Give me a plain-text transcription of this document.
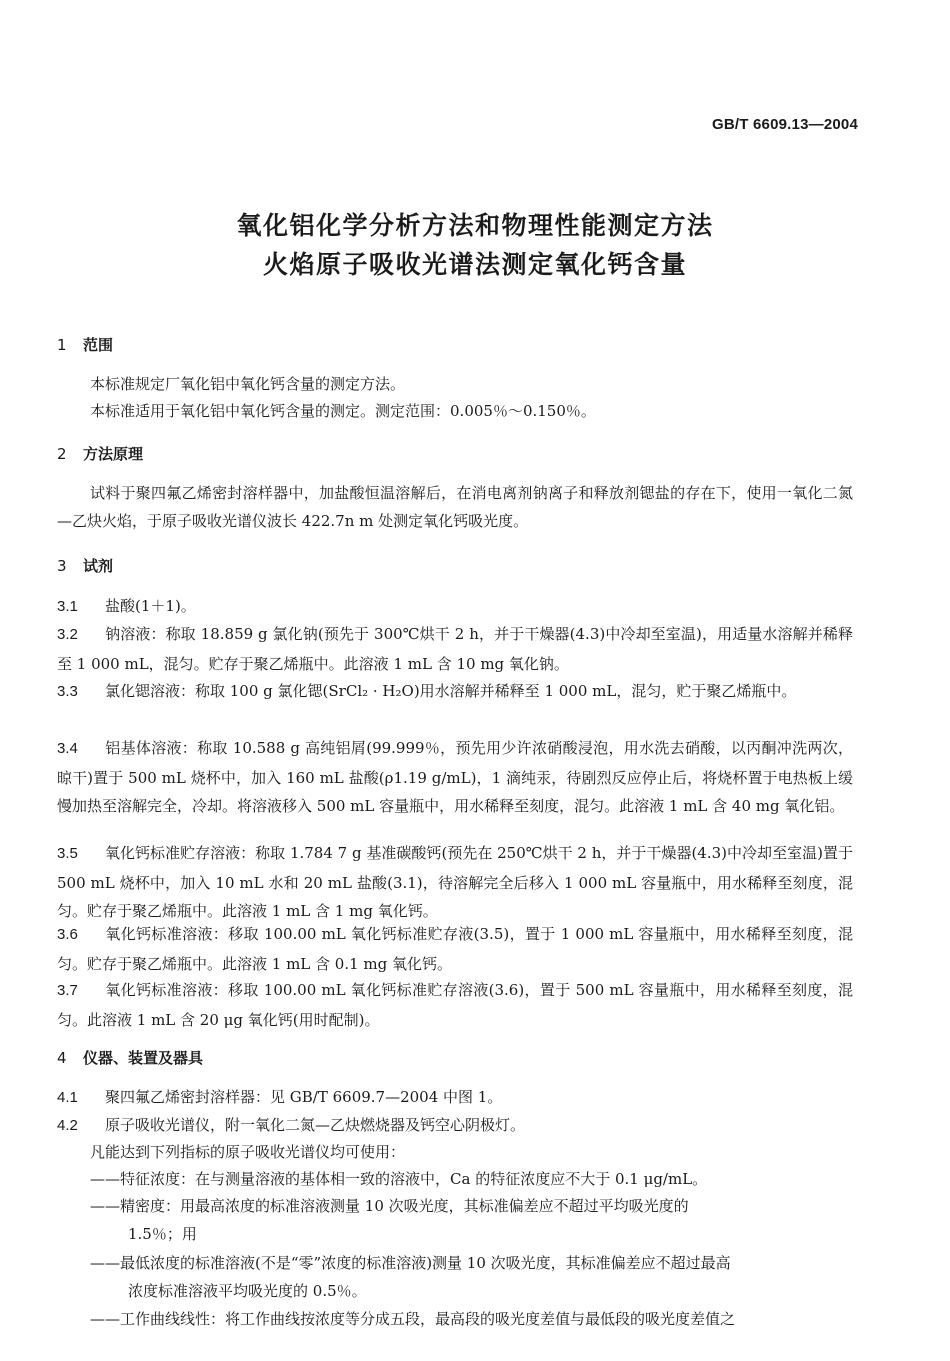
GB/T 6609.13—2004
氧化铝化学分析方法和物理性能测定方法
火焰原子吸收光谱法测定氧化钙含量
1 范围
本标准规定厂氧化铝中氧化钙含量的测定方法。
本标准适用于氧化铝中氧化钙含量的测定。测定范围：0.005％～0.150％。
2 方法原理
试料于聚四氟乙烯密封溶样器中，加盐酸恒温溶解后，在消电离剂钠离子和释放剂锶盐的存在下，使用一氧化二氮—乙炔火焰，于原子吸收光谱仪波长 422.7n m 处测定氧化钙吸光度。
3 试剂
3.1 盐酸(1＋1)。
3.2 钠溶液：称取 18.859 g 氯化钠(预先于 300℃烘干 2 h，并于干燥器(4.3)中冷却至室温)，用适量水溶解并稀释至 1 000 mL，混匀。贮存于聚乙烯瓶中。此溶液 1 mL 含 10 mg 氧化钠。
3.3 氯化锶溶液：称取 100 g 氯化锶(SrCl₂ · H₂O)用水溶解并稀释至 1 000 mL，混匀，贮于聚乙烯瓶中。
3.4 铝基体溶液：称取 10.588 g 高纯铝屑(99.999％，预先用少许浓硝酸浸泡，用水洗去硝酸，以丙酮冲洗两次，晾干)置于 500 mL 烧杯中，加入 160 mL 盐酸(ρ1.19 g/mL)，1 滴纯汞，待剧烈反应停止后，将烧杯置于电热板上缓慢加热至溶解完全，冷却。将溶液移入 500 mL 容量瓶中，用水稀释至刻度，混匀。此溶液 1 mL 含 40 mg 氧化铝。
3.5 氧化钙标准贮存溶液：称取 1.784 7 g 基准碳酸钙(预先在 250℃烘干 2 h，并于干燥器(4.3)中冷却至室温)置于 500 mL 烧杯中，加入 10 mL 水和 20 mL 盐酸(3.1)，待溶解完全后移入 1 000 mL 容量瓶中，用水稀释至刻度，混匀。贮存于聚乙烯瓶中。此溶液 1 mL 含 1 mg 氧化钙。
3.6 氧化钙标准溶液：移取 100.00 mL 氧化钙标准贮存液(3.5)，置于 1 000 mL 容量瓶中，用水稀释至刻度，混匀。贮存于聚乙烯瓶中。此溶液 1 mL 含 0.1 mg 氧化钙。
3.7 氧化钙标准溶液：移取 100.00 mL 氧化钙标准贮存溶液(3.6)，置于 500 mL 容量瓶中，用水稀释至刻度，混匀。此溶液 1 mL 含 20 μg 氧化钙(用时配制)。
4 仪器、装置及器具
4.1 聚四氟乙烯密封溶样器：见 GB/T 6609.7—2004 中图 1。
4.2 原子吸收光谱仪，附一氧化二氮—乙炔燃烧器及钙空心阴极灯。
凡能达到下列指标的原子吸收光谱仪均可使用：
——特征浓度：在与测量溶液的基体相一致的溶液中，Ca 的特征浓度应不大于 0.1 μg/mL。
——精密度：用最高浓度的标准溶液测量 10 次吸光度，其标准偏差应不超过平均吸光度的
1.5％；用
——最低浓度的标准溶液(不是“零”浓度的标准溶液)测量 10 次吸光度，其标准偏差应不超过最高
浓度标准溶液平均吸光度的 0.5％。
——工作曲线线性：将工作曲线按浓度等分成五段，最高段的吸光度差值与最低段的吸光度差值之
